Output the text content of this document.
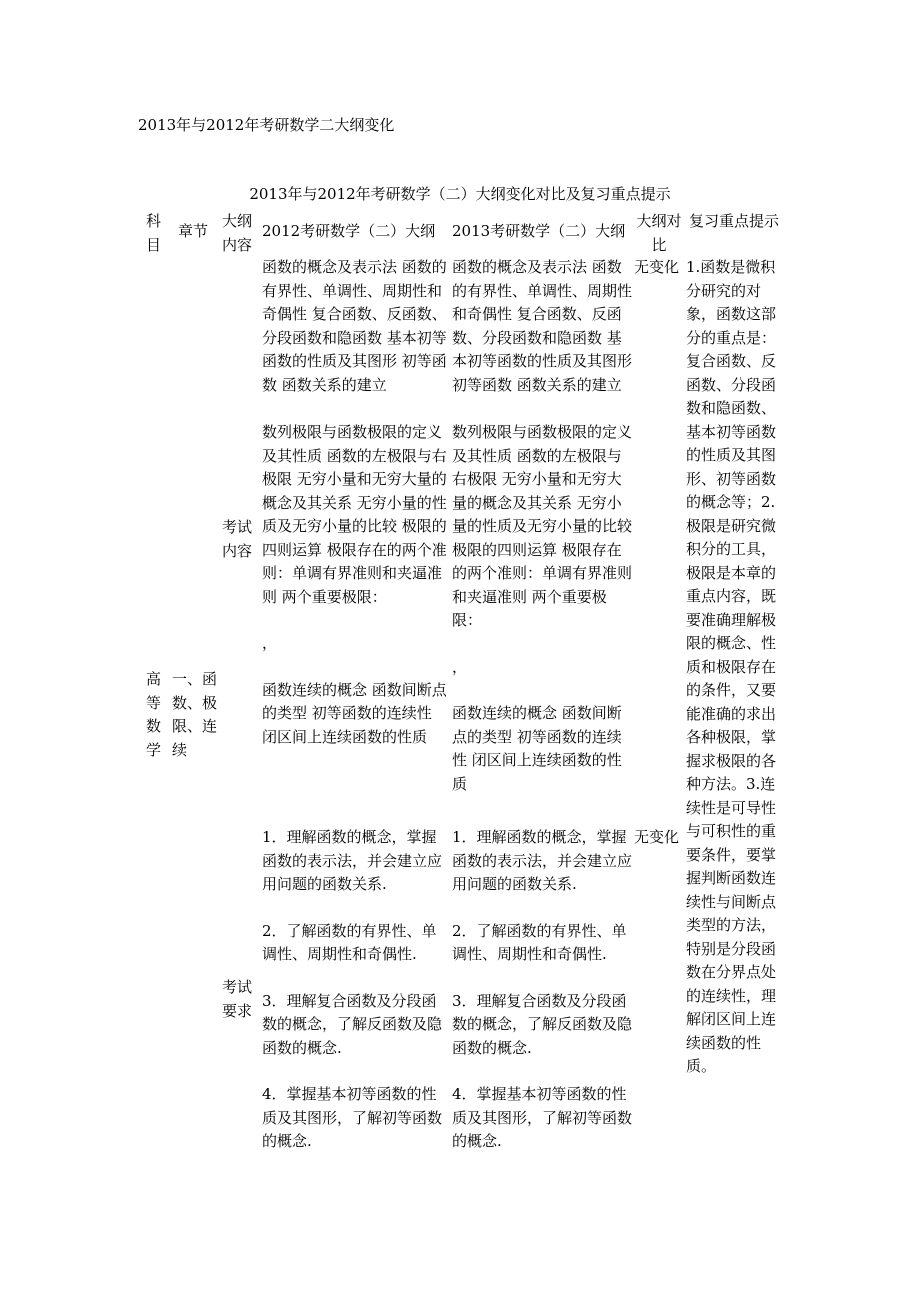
2013年与2012年考研数学二大纲变化
2013年与2012年考研数学（二）大纲变化对比及复习重点提示
科目
章节
大纲内容
2012考研数学（二）大纲	2013考研数学（二）大纲
大纲对比
复习重点提示
高等数学
一、函数、极限、连续
考试内容
考试要求

函数的概念及表示法 函数的有界性、单调性、周期性和奇偶性 复合函数、反函数、分段函数和隐函数 基本初等函数的性质及其图形 初等函数 函数关系的建立

数列极限与函数极限的定义及其性质 函数的左极限与右极限 无穷小量和无穷大量的概念及其关系 无穷小量的性质及无穷小量的比较 极限的四则运算 极限存在的两个准则：单调有界准则和夹逼准则 两个重要极限：

，

函数连续的概念 函数间断点的类型 初等函数的连续性 闭区间上连续函数的性质

函数的概念及表示法 函数的有界性、单调性、周期性和奇偶性 复合函数、反函数、分段函数和隐函数 基本初等函数的性质及其图形 初等函数 函数关系的建立

数列极限与函数极限的定义及其性质 函数的左极限与右极限 无穷小量和无穷大量的概念及其关系 无穷小量的性质及无穷小量的比较 极限的四则运算 极限存在的两个准则：单调有界准则和夹逼准则 两个重要极限：

，

函数连续的概念 函数间断点的类型 初等函数的连续性 闭区间上连续函数的性质

无变化

1．理解函数的概念，掌握函数的表示法，并会建立应用问题的函数关系.

2．了解函数的有界性、单调性、周期性和奇偶性.

3．理解复合函数及分段函数的概念，了解反函数及隐函数的概念.

4．掌握基本初等函数的性质及其图形，了解初等函数的概念.

1．理解函数的概念，掌握函数的表示法，并会建立应用问题的函数关系.

2．了解函数的有界性、单调性、周期性和奇偶性.

3．理解复合函数及分段函数的概念，了解反函数及隐函数的概念.

4．掌握基本初等函数的性质及其图形，了解初等函数的概念.

无变化
1.函数是微积分研究的对象，函数这部分的重点是：复合函数、反函数、分段函数和隐函数、基本初等函数的性质及其图形、初等函数的概念等；2.极限是研究微积分的工具，极限是本章的重点内容，既要准确理解极限的概念、性质和极限存在的条件，又要能准确的求出各种极限，掌握求极限的各种方法。3.连续性是可导性与可积性的重要条件，要掌握判断函数连续性与间断点类型的方法，特别是分段函数在分界点处的连续性，理解闭区间上连续函数的性质。
